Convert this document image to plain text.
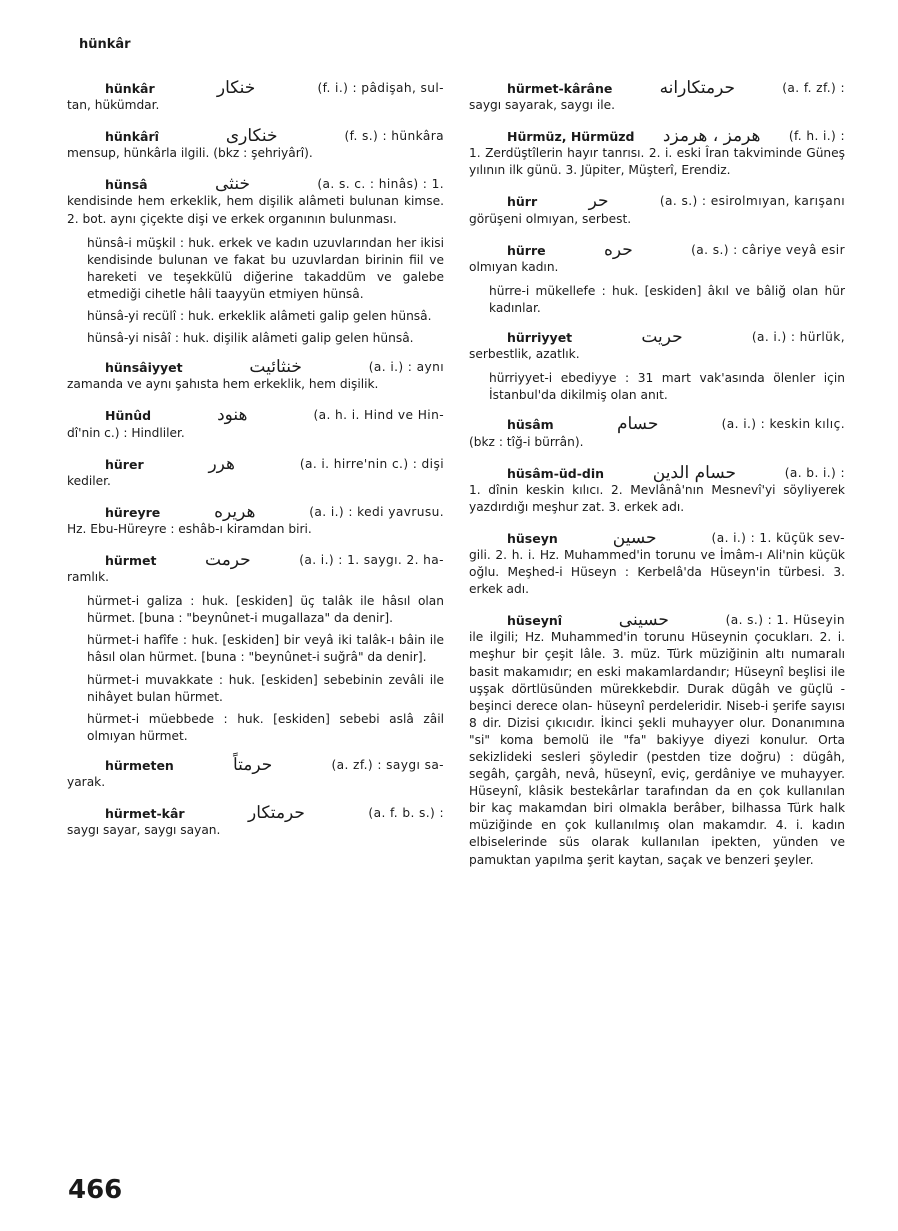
hünkâr
hünkâr	خنکار	(f. i.) : pâdişah, sul-
tan, hükümdar.
hünkârî	خنکاری	(f. s.) : hünkâra
mensup, hünkârla ilgili. (bkz : şehriyârî).
hünsâ	خنثی	(a. s. c. : hinâs) : 1.
kendisinde hem erkeklik, hem dişilik alâmeti bulunan kimse. 2. bot. aynı çiçekte dişi ve erkek organının bulunması.
hünsâ-i müşkil : huk. erkek ve kadın uzuvlarından her ikisi kendisinde bulunan ve fakat bu uzuvlardan birinin fiil ve hareketi ve teşekkülü diğerine takaddüm ve galebe etmediği cihetle hâli taayyün etmiyen hünsâ.
hünsâ-yi recülî : huk. erkeklik alâmeti galip gelen hünsâ.
hünsâ-yi nisâî : huk. dişilik alâmeti galip gelen hünsâ.
hünsâiyyet	خنثائیت	(a. i.) : aynı
zamanda ve aynı şahısta hem erkeklik, hem dişilik.
Hünûd	هنود	(a. h. i. Hind ve Hin-
dî'nin c.) : Hindliler.
hürer	هرر	(a. i. hirre'nin c.) : dişi
kediler.
hüreyre	هریره	(a. i.) : kedi yavrusu.
Hz. Ebu-Hüreyre : eshâb-ı kiramdan biri.
hürmet	حرمت	(a. i.) : 1. saygı. 2. ha-
ramlık.
hürmet-i galiza : huk. [eskiden] üç talâk ile hâsıl olan hürmet. [buna : "beynûnet-i mugallaza" da denir].
hürmet-i hafîfe : huk. [eskiden] bir veyâ iki talâk-ı bâin ile hâsıl olan hürmet. [buna : "beynûnet-i suğrâ" da denir].
hürmet-i muvakkate : huk. [eskiden] sebebinin zevâli ile nihâyet bulan hürmet.
hürmet-i müebbede : huk. [eskiden] sebebi aslâ zâil olmıyan hürmet.
hürmeten	حرمتاً	(a. zf.) : saygı sa-
yarak.
hürmet-kâr	حرمتکار	(a. f. b. s.) :
saygı sayar, saygı sayan.
hürmet-kârâne	حرمتکارانه	(a. f. zf.) :
saygı sayarak, saygı ile.
Hürmüz, Hürmüzd هرمز ، هرمزد (f. h. i.) :
1. Zerdüştîlerin hayır tanrısı. 2. i. eski Îran takviminde Güneş yılının ilk günü. 3. Jüpiter, Müşterî, Erendiz.
hürr	حر	(a. s.) : esirolmıyan, karışanı
görüşeni olmıyan, serbest.
hürre	حره	(a. s.) : câriye veyâ esir
olmıyan kadın.
hürre-i mükellefe : huk. [eskiden] âkıl ve bâliğ olan hür kadınlar.
hürriyyet	حریت	(a. i.) : hürlük,
serbestlik, azatlık.
hürriyyet-i ebediyye : 31 mart vak'asında ölenler için İstanbul'da dikilmiş olan anıt.
hüsâm	حسام	(a. i.) : keskin kılıç.
(bkz : tîğ-i bürrân).
hüsâm-üd-din	حسام الدین	(a. b. i.) :
1. dînin keskin kılıcı. 2. Mevlânâ'nın Mesnevî'yi söyliyerek yazdırdığı meşhur zat. 3. erkek adı.
hüseyn	حسین	(a. i.) : 1. küçük sev-
gili. 2. h. i. Hz. Muhammed'in torunu ve İmâm-ı Ali'nin küçük oğlu. Meşhed-i Hüseyn : Kerbelâ'da Hüseyn'in türbesi. 3. erkek adı.
hüseynî	حسینی	(a. s.) : 1. Hüseyin
ile ilgili; Hz. Muhammed'in torunu Hüseynin çocukları. 2. i. meşhur bir çeşit lâle. 3. müz. Türk müziğinin altı numaralı basit makamıdır; en eski makamlardandır; Hüseynî beşlisi ile uşşak dörtlüsünden mürekkebdir. Durak dügâh ve güçlü -beşinci derece olan- hüseynî perdeleridir. Niseb-i şerife sayısı 8 dir. Dizisi çıkıcıdır. İkinci şekli muhayyer olur. Donanımına "si" koma bemolü ile "fa" bakiyye diyezi konulur. Orta sekizlideki sesleri şöyledir (pestden tize doğru) : dügâh, segâh, çargâh, nevâ, hüseynî, eviç, gerdâniye ve muhayyer. Hüseynî, klâsik bestekârlar tarafından da en çok kullanılan bir kaç makamdan biri olmakla berâber, bilhassa Türk halk müziğinde en çok kullanılmış olan makamdır. 4. i. kadın elbiselerinde süs olarak kullanılan ipekten, yünden ve pamuktan yapılma şerit kaytan, saçak ve benzeri şeyler.
466
